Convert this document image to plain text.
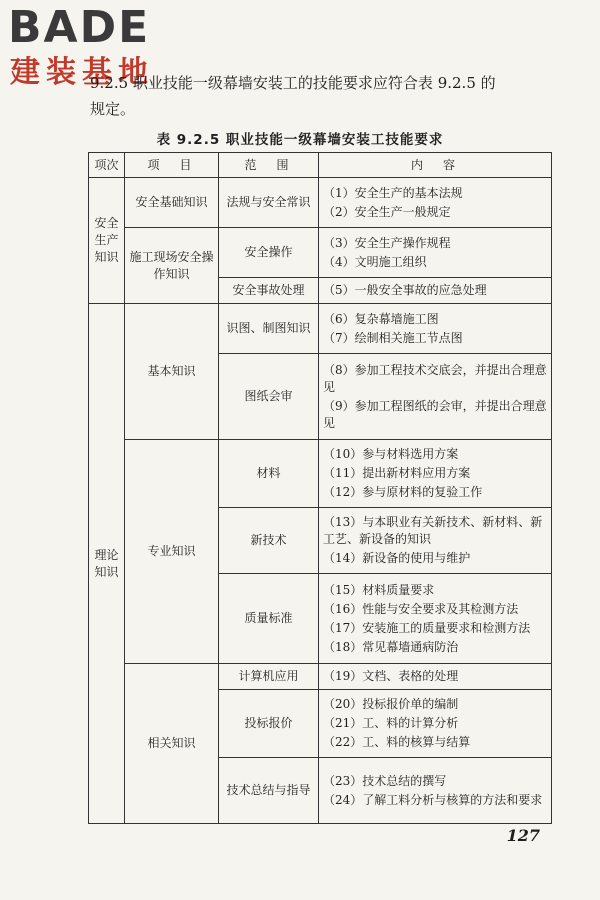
BADE
建装基地
9.2.5 职业技能一级幕墙安装工的技能要求应符合表 9.2.5 的
规定。
表 9.2.5 职业技能一级幕墙安装工技能要求
项次	项　目	范　围	内　容
安全生产知识	安全基础知识	法规与安全常识	（1）安全生产的基本法规
（2）安全生产一般规定

	施工现场安全操作知识	安全操作	（3）安全生产操作规程
（4）文明施工组织

		安全事故处理	（5）一般安全事故的应急处理

理论知识	基本知识	识图、制图知识	（6）复杂幕墙施工图
（7）绘制相关施工节点图

		图纸会审	（8）参加工程技术交底会，并提出合理意见
（9）参加工程图纸的会审，并提出合理意见

	专业知识	材料	（10）参与材料选用方案
（11）提出新材料应用方案
（12）参与原材料的复验工作

		新技术	（13）与本职业有关新技术、新材料、新工艺、新设备的知识
（14）新设备的使用与维护

		质量标准	（15）材料质量要求
（16）性能与安全要求及其检测方法
（17）安装施工的质量要求和检测方法
（18）常见幕墙通病防治

	相关知识	计算机应用	（19）文档、表格的处理

		投标报价	（20）投标报价单的编制
（21）工、料的计算分析
（22）工、料的核算与结算

		技术总结与指导	（23）技术总结的撰写
（24）了解工料分析与核算的方法和要求
127
